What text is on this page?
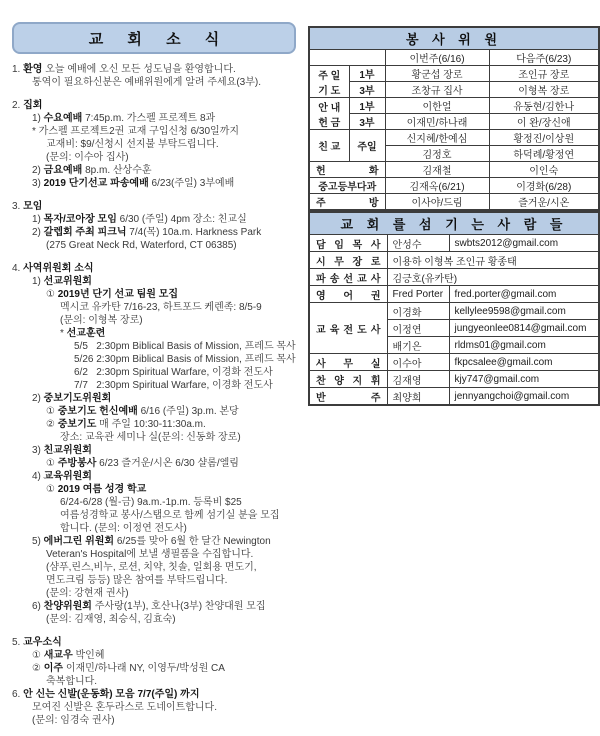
교 회 소 식
1. 환영 오늘 예배에 오신 모든 성도님을 환영합니다.
통역이 필요하신분은 예배위원에게 알려 주세요(3부).
2. 집회
1) 수요예배 7:45p.m. 가스펠 프로젝트 8과
* 가스펠 프로젝트2권 교재 구입신청 6/30일까지
교재비: $9/신청시 선지불 부탁드립니다.
(문의: 이수아 집사)
2) 금요예배 8p.m. 산상수훈
3) 2019 단기선교 파송예배 6/23(주일) 3부예배
3. 모임
1) 목자/코아장 모임 6/30 (주일) 4pm 장소: 친교실
2) 갈렙회 주최 피크닉 7/4(목) 10a.m. Harkness Park
(275 Great Neck Rd, Waterford, CT 06385)
4. 사역위원회 소식
1) 선교위원회
① 2019년 단기 선교 팀원 모집
멕시코 유카탄 7/16-23, 하트포드 케렌족: 8/5-9
(문의: 이형복 장로)
* 선교훈련
5/5   2:30pm Biblical Basis of Mission, 프레드 목사
5/26 2:30pm Biblical Basis of Mission, 프레드 목사
6/2   2:30pm Spiritual Warfare, 이경화 전도사
7/7   2:30pm Spiritual Warfare, 이경화 전도사
2) 중보기도위원회
① 중보기도 헌신예배 6/16 (주일) 3p.m. 본당
② 중보기도 매 주일 10:30-11:30a.m.
장소: 교육관 세미나 실(문의: 신동화 장로)
3) 친교위원회
① 주방봉사 6/23 즐거운/시온 6/30 샬롬/엘림
4) 교육위원회
① 2019 여름 성경 학교
6/24-6/28 (월-금) 9a.m.-1p.m. 등록비 $25
여름성경학교 봉사/스탭으로 함께 섬기실 분을 모집
합니다. (문의: 이정연 전도사)
5) 에버그린 위원회 6/25를 맞아 6월 한 달간 Newington
Veteran's Hospital에 보낼 생필품을 수집합니다.
(샴푸,린스,비누, 로션, 치약, 칫솔, 일회용 면도기,
면도크림 등등) 많은 참여를 부탁드립니다.
(문의: 강현재 권사)
6) 찬양위원회 주사랑(1부), 호산나(3부) 찬양대원 모집
(문의: 김재영, 최승식, 김효숙)
5. 교우소식
① 새교우 박인혜
② 이주 이재민/하나래 NY, 이영두/박성원 CA
축복합니다.
6. 안 신는 신발(운동화) 모음 7/7(주일) 까지
모여진 신발은 혼두라스로 도네이트합니다.
(문의: 임경숙 권사)
봉 사 위 원			
		이번주(6/16)	다음주(6/23)

주 일
기 도	1부	황군섭 장로	조인규 장로
	3부	조창규 집사	이형복 장로

안 내
헌 금	1부	이한얼	유동현/김한나
	3부	이재민/하나래	이 완/장신애
친 교	주일	신지혜/한예심	황정진/이상원
		김정호	하덕례/황정연
헌 화		김재철	이인숙
중고등부다과		김재옥(6/21)	이경화(6/28)
주 방		이사야/드림	즐거운/시온
교 회 를 섬 기 는 사 람 들		
담 임 목 사	안성수	swbts2012@gmail.com
시 무 장 로	이용하 이형복 조인규 황종태	
파 송 선 교 사	김긍호(유카탄)	
영 어 권	Fred Porter	fred.porter@gmail.com
교 육 전 도 사	이경화	kellylee9598@gmail.com
	이정연	jungyeonlee0814@gmail.com
	배기은	rldms01@gmail.com
사 무 실	이수아	fkpcsalee@gmail.com
찬 양 지 휘	김재영	kjy747@gmail.com
반 주	최양희	jennyangchoi@gmail.com
